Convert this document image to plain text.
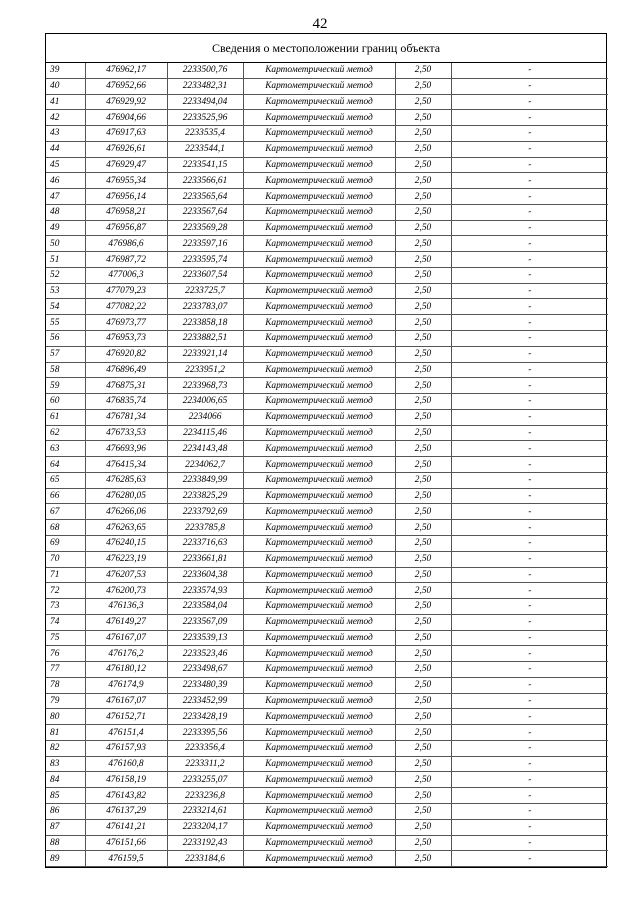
42
Сведения о местоположении границ объекта
39	476962,17	2233500,76	Картометрический метод	2,50	-
40	476952,66	2233482,31	Картометрический метод	2,50	-
41	476929,92	2233494,04	Картометрический метод	2,50	-
42	476904,66	2233525,96	Картометрический метод	2,50	-
43	476917,63	2233535,4	Картометрический метод	2,50	-
44	476926,61	2233544,1	Картометрический метод	2,50	-
45	476929,47	2233541,15	Картометрический метод	2,50	-
46	476955,34	2233566,61	Картометрический метод	2,50	-
47	476956,14	2233565,64	Картометрический метод	2,50	-
48	476958,21	2233567,64	Картометрический метод	2,50	-
49	476956,87	2233569,28	Картометрический метод	2,50	-
50	476986,6	2233597,16	Картометрический метод	2,50	-
51	476987,72	2233595,74	Картометрический метод	2,50	-
52	477006,3	2233607,54	Картометрический метод	2,50	-
53	477079,23	2233725,7	Картометрический метод	2,50	-
54	477082,22	2233783,07	Картометрический метод	2,50	-
55	476973,77	2233858,18	Картометрический метод	2,50	-
56	476953,73	2233882,51	Картометрический метод	2,50	-
57	476920,82	2233921,14	Картометрический метод	2,50	-
58	476896,49	2233951,2	Картометрический метод	2,50	-
59	476875,31	2233968,73	Картометрический метод	2,50	-
60	476835,74	2234006,65	Картометрический метод	2,50	-
61	476781,34	2234066	Картометрический метод	2,50	-
62	476733,53	2234115,46	Картометрический метод	2,50	-
63	476693,96	2234143,48	Картометрический метод	2,50	-
64	476415,34	2234062,7	Картометрический метод	2,50	-
65	476285,63	2233849,99	Картометрический метод	2,50	-
66	476280,05	2233825,29	Картометрический метод	2,50	-
67	476266,06	2233792,69	Картометрический метод	2,50	-
68	476263,65	2233785,8	Картометрический метод	2,50	-
69	476240,15	2233716,63	Картометрический метод	2,50	-
70	476223,19	2233661,81	Картометрический метод	2,50	-
71	476207,53	2233604,38	Картометрический метод	2,50	-
72	476200,73	2233574,93	Картометрический метод	2,50	-
73	476136,3	2233584,04	Картометрический метод	2,50	-
74	476149,27	2233567,09	Картометрический метод	2,50	-
75	476167,07	2233539,13	Картометрический метод	2,50	-
76	476176,2	2233523,46	Картометрический метод	2,50	-
77	476180,12	2233498,67	Картометрический метод	2,50	-
78	476174,9	2233480,39	Картометрический метод	2,50	-
79	476167,07	2233452,99	Картометрический метод	2,50	-
80	476152,71	2233428,19	Картометрический метод	2,50	-
81	476151,4	2233395,56	Картометрический метод	2,50	-
82	476157,93	2233356,4	Картометрический метод	2,50	-
83	476160,8	2233311,2	Картометрический метод	2,50	-
84	476158,19	2233255,07	Картометрический метод	2,50	-
85	476143,82	2233236,8	Картометрический метод	2,50	-
86	476137,29	2233214,61	Картометрический метод	2,50	-
87	476141,21	2233204,17	Картометрический метод	2,50	-
88	476151,66	2233192,43	Картометрический метод	2,50	-
89	476159,5	2233184,6	Картометрический метод	2,50	-
